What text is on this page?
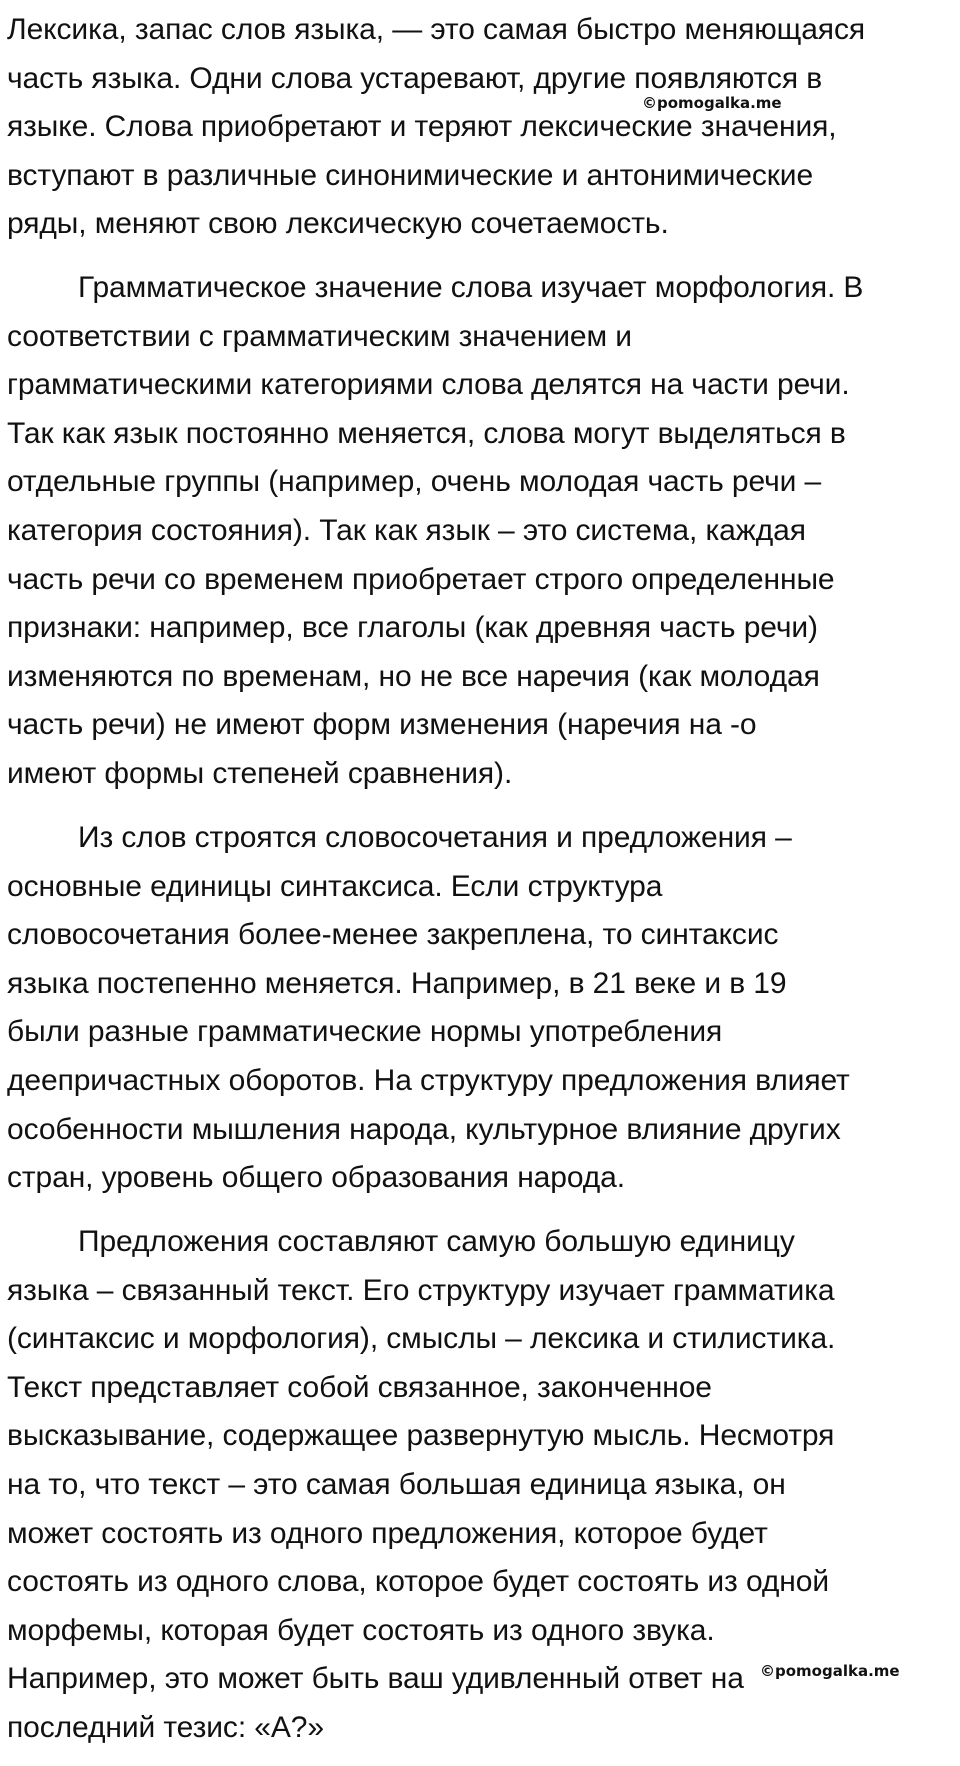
Лексика, запас слов языка, — это самая быстро меняющаяся
часть языка. Одни слова устаревают, другие появляются в
языке. Слова приобретают и теряют лексические значения,
вступают в различные синонимические и антонимические
ряды, меняют свою лексическую сочетаемость.
Грамматическое значение слова изучает морфология. В
соответствии с грамматическим значением и
грамматическими категориями слова делятся на части речи.
Так как язык постоянно меняется, слова могут выделяться в
отдельные группы (например, очень молодая часть речи –
категория состояния). Так как язык – это система, каждая
часть речи со временем приобретает строго определенные
признаки: например, все глаголы (как древняя часть речи)
изменяются по временам, но не все наречия (как молодая
часть речи) не имеют форм изменения (наречия на -о
имеют формы степеней сравнения).
Из слов строятся словосочетания и предложения –
основные единицы синтаксиса. Если структура
словосочетания более-менее закреплена, то синтаксис
языка постепенно меняется. Например, в 21 веке и в 19
были разные грамматические нормы употребления
деепричастных оборотов. На структуру предложения влияет
особенности мышления народа, культурное влияние других
стран, уровень общего образования народа.
Предложения составляют самую большую единицу
языка – связанный текст. Его структуру изучает грамматика
(синтаксис и морфология), смыслы – лексика и стилистика.
Текст представляет собой связанное, законченное
высказывание, содержащее развернутую мысль. Несмотря
на то, что текст – это самая большая единица языка, он
может состоять из одного предложения, которое будет
состоять из одного слова, которое будет состоять из одной
морфемы, которая будет состоять из одного звука.
Например, это может быть ваш удивленный ответ на
последний тезис: «А?»
©pomogalka.me
©pomogalka.me
